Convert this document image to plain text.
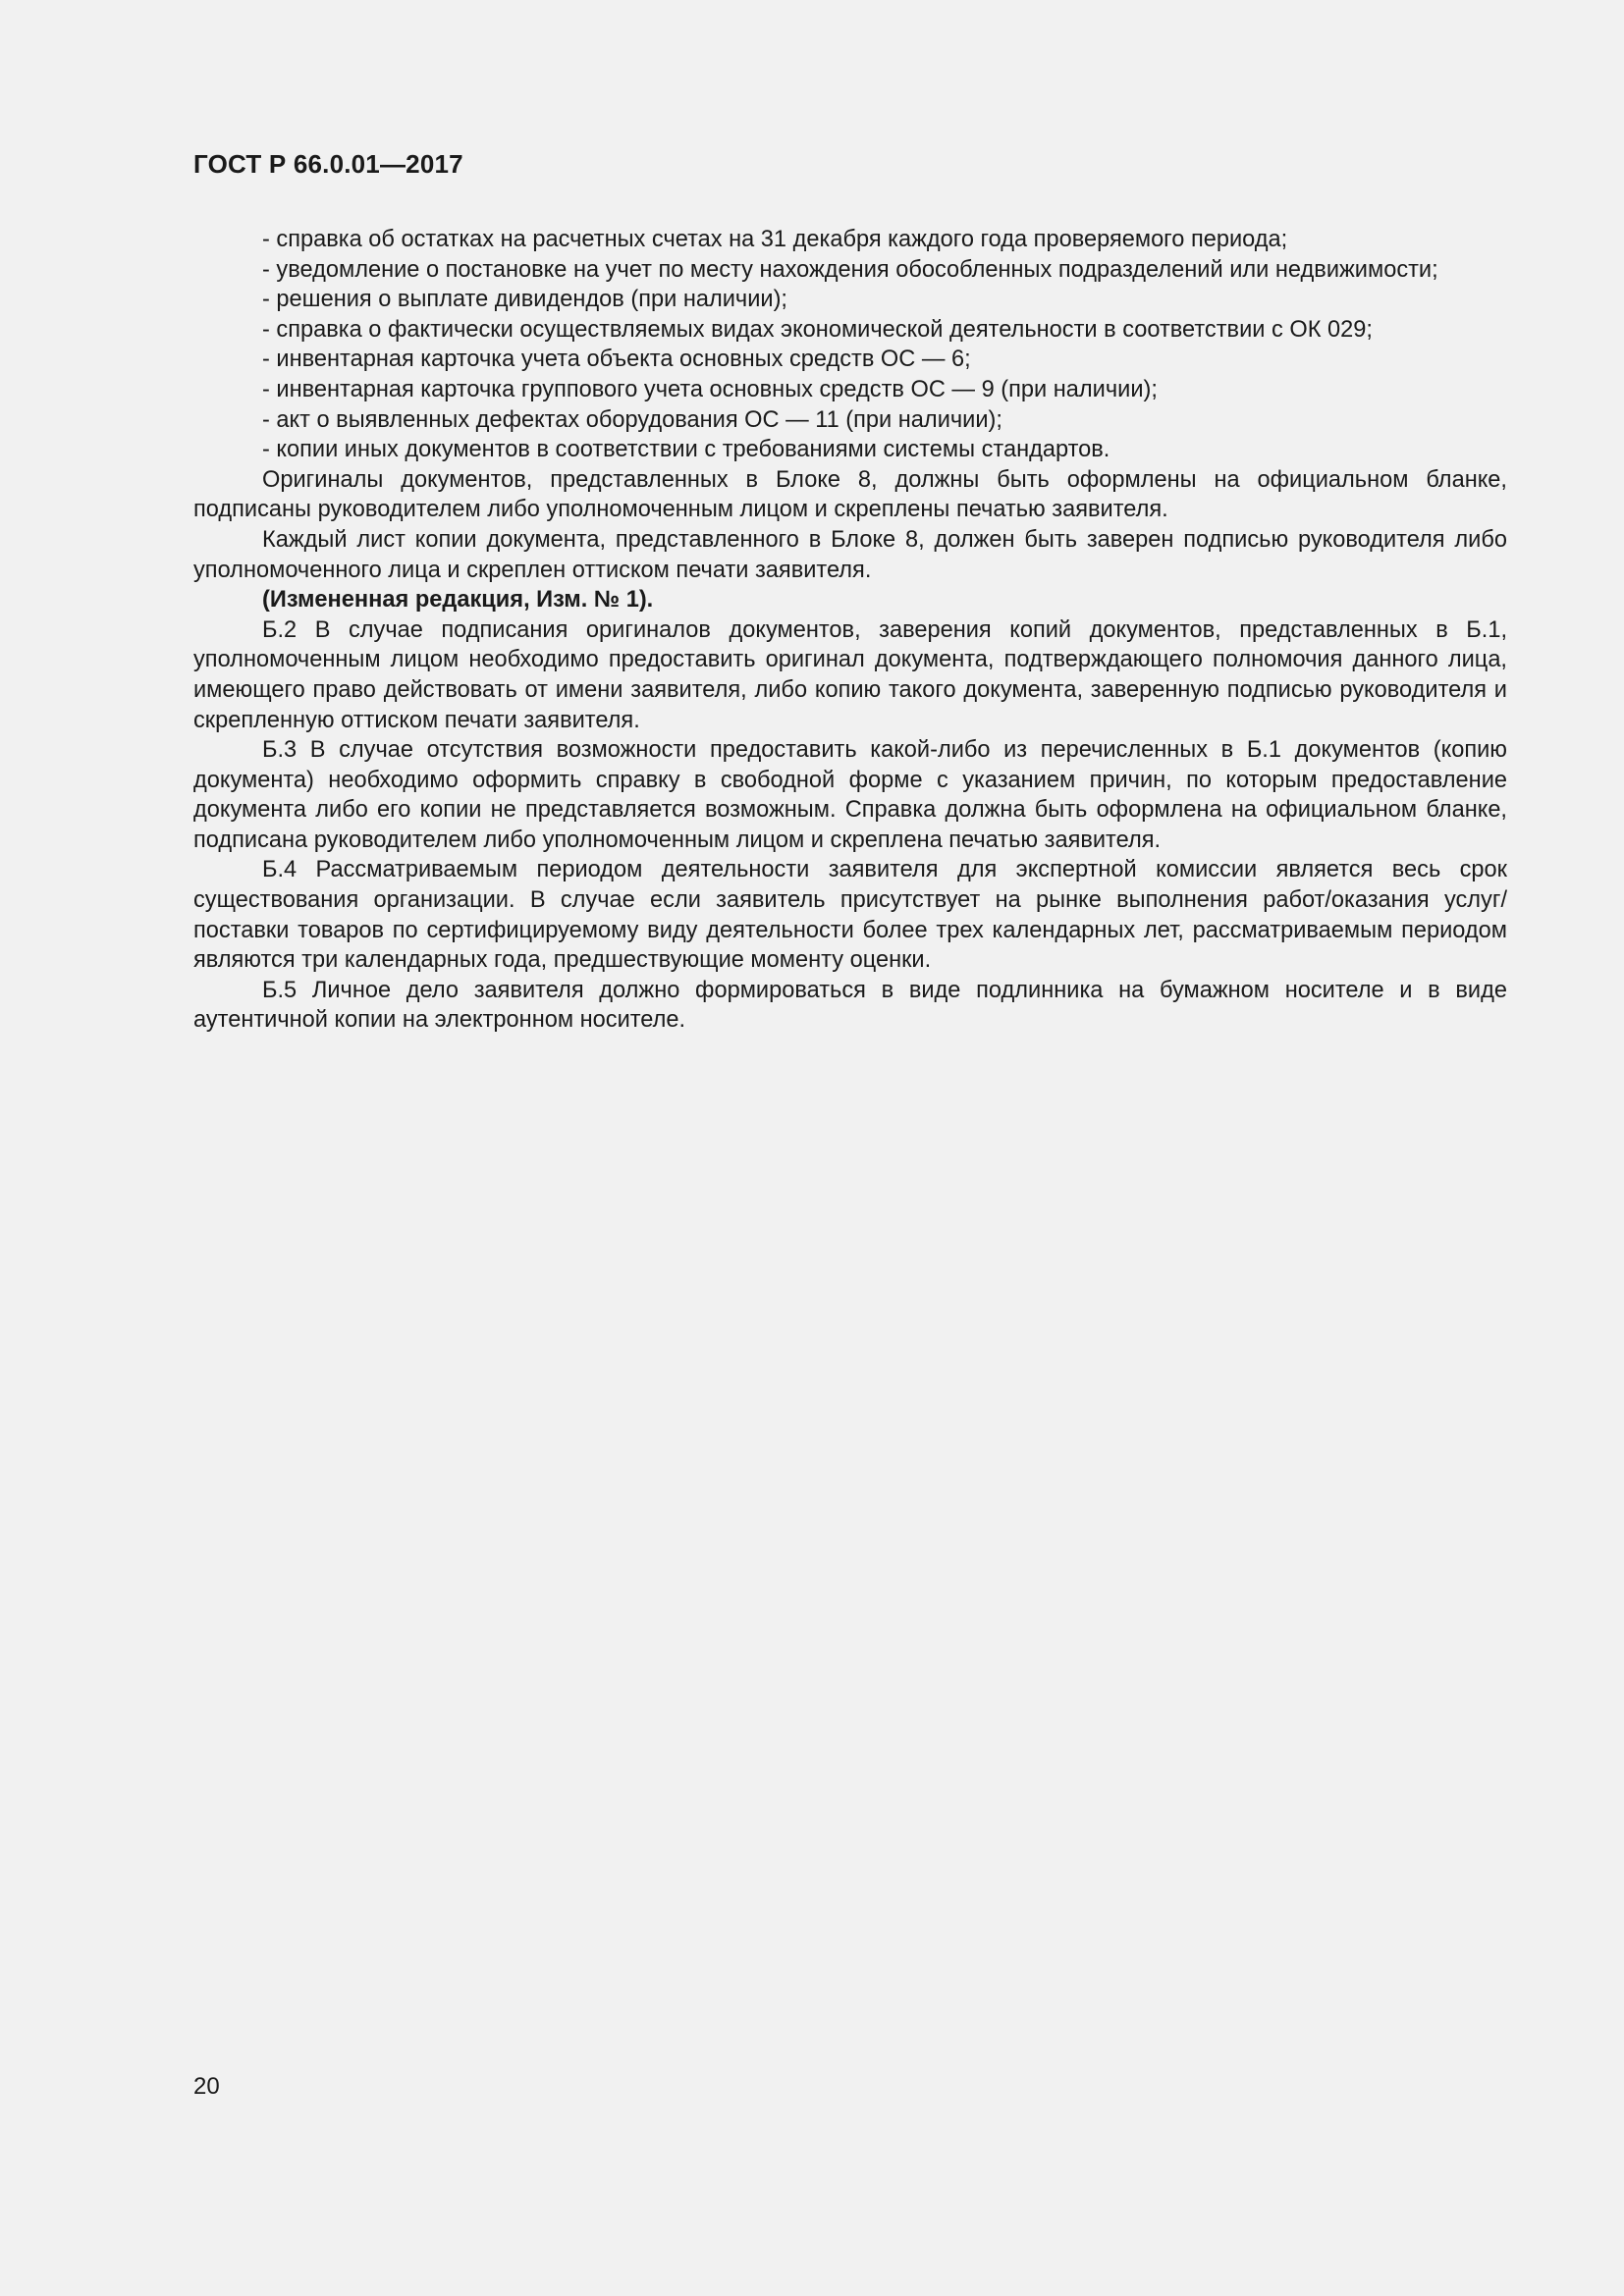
ГОСТ Р 66.0.01—2017

- справка об остатках на расчетных счетах на 31 декабря каждого года проверяемого периода;

- уведомление о постановке на учет по месту нахождения обособленных подразделений или недвижимости;

- решения о выплате дивидендов (при наличии);

- справка о фактически осуществляемых видах экономической деятельности в соответствии с ОК 029;

- инвентарная карточка учета объекта основных средств ОС — 6;

- инвентарная карточка группового учета основных средств ОС — 9 (при наличии);

- акт о выявленных дефектах оборудования ОС — 11 (при наличии);

- копии иных документов в соответствии с требованиями системы стандартов.

Оригиналы документов, представленных в Блоке 8, должны быть оформлены на официальном бланке, подписаны руководителем либо уполномоченным лицом и скреплены печатью заявителя.

Каждый лист копии документа, представленного в Блоке 8, должен быть заверен подписью руководителя либо уполномоченного лица и скреплен оттиском печати заявителя.

(Измененная редакция, Изм. № 1).

Б.2 В случае подписания оригиналов документов, заверения копий документов, представленных в Б.1, уполномоченным лицом необходимо предоставить оригинал документа, подтверждающего полномочия данного лица, имеющего право действовать от имени заявителя, либо копию такого документа, заверенную подписью руководителя и скрепленную оттиском печати заявителя.

Б.3 В случае отсутствия возможности предоставить какой-либо из перечисленных в Б.1 документов (копию документа) необходимо оформить справку в свободной форме с указанием причин, по которым предоставление документа либо его копии не представляется возможным. Справка должна быть оформлена на официальном бланке, подписана руководителем либо уполномоченным лицом и скреплена печатью заявителя.

Б.4 Рассматриваемым периодом деятельности заявителя для экспертной комиссии является весь срок существования организации. В случае если заявитель присутствует на рынке выполнения работ/оказания услуг/поставки товаров по сертифицируемому виду деятельности более трех календарных лет, рассматриваемым периодом являются три календарных года, предшествующие моменту оценки.

Б.5 Личное дело заявителя должно формироваться в виде подлинника на бумажном носителе и в виде аутентичной копии на электронном носителе.

20
